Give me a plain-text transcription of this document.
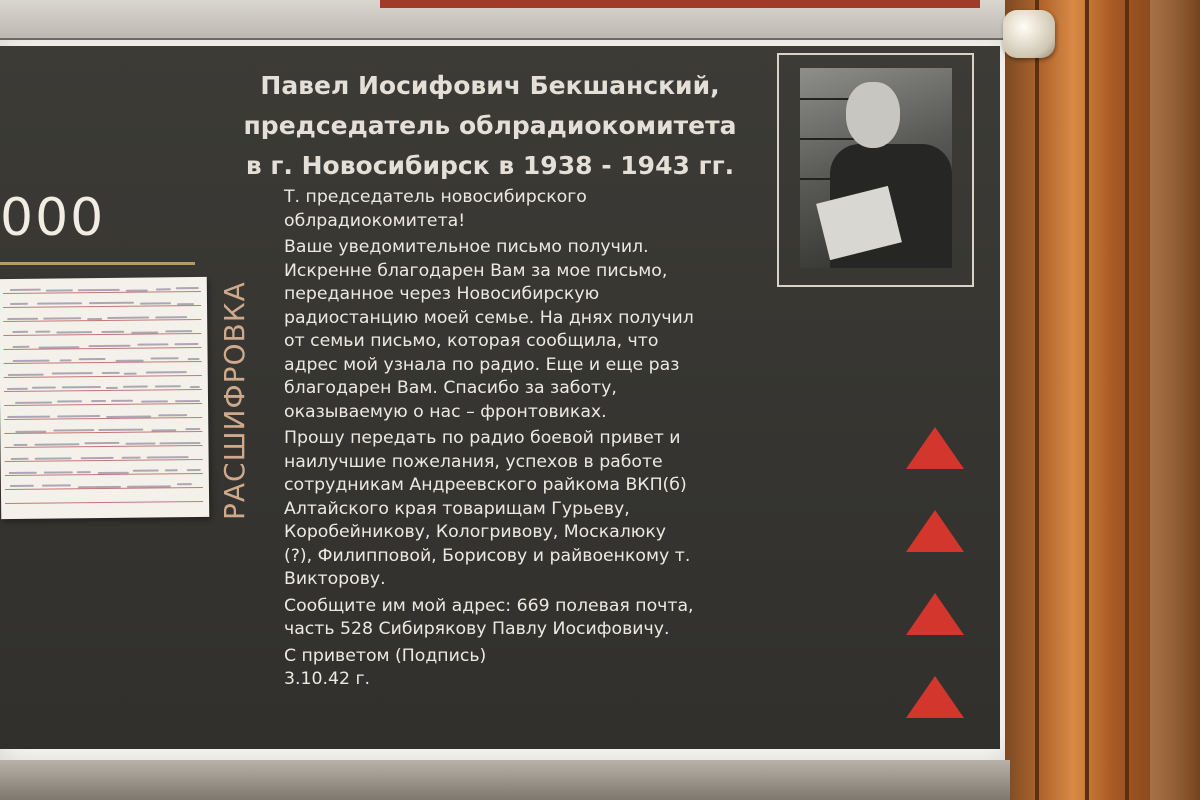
000
Павел Иосифович Бекшанский,
председатель облрадиокомитета
в г. Новосибирск в 1938 - 1943 гг.
РАСШИФРОВКА
Т. председатель новосибирского
облрадиокомитета!
Ваше уведомительное письмо получил.
Искренне благодарен Вам за мое письмо,
переданное через Новосибирскую
радиостанцию моей семье. На днях получил
от семьи письмо, которая сообщила, что
адрес мой узнала по радио. Еще и еще раз
благодарен Вам. Спасибо за заботу,
оказываемую о нас – фронтовиках.
Прошу передать по радио боевой привет и
наилучшие пожелания, успехов в работе
сотрудникам Андреевского райкома ВКП(б)
Алтайского края товарищам Гурьеву,
Коробейникову, Кологривову, Москалюку
(?), Филипповой, Борисову и райвоенкому т.
Викторову.
Сообщите им мой адрес: 669 полевая почта,
часть 528 Сибирякову Павлу Иосифовичу.
С приветом (Подпись)
3.10.42 г.
